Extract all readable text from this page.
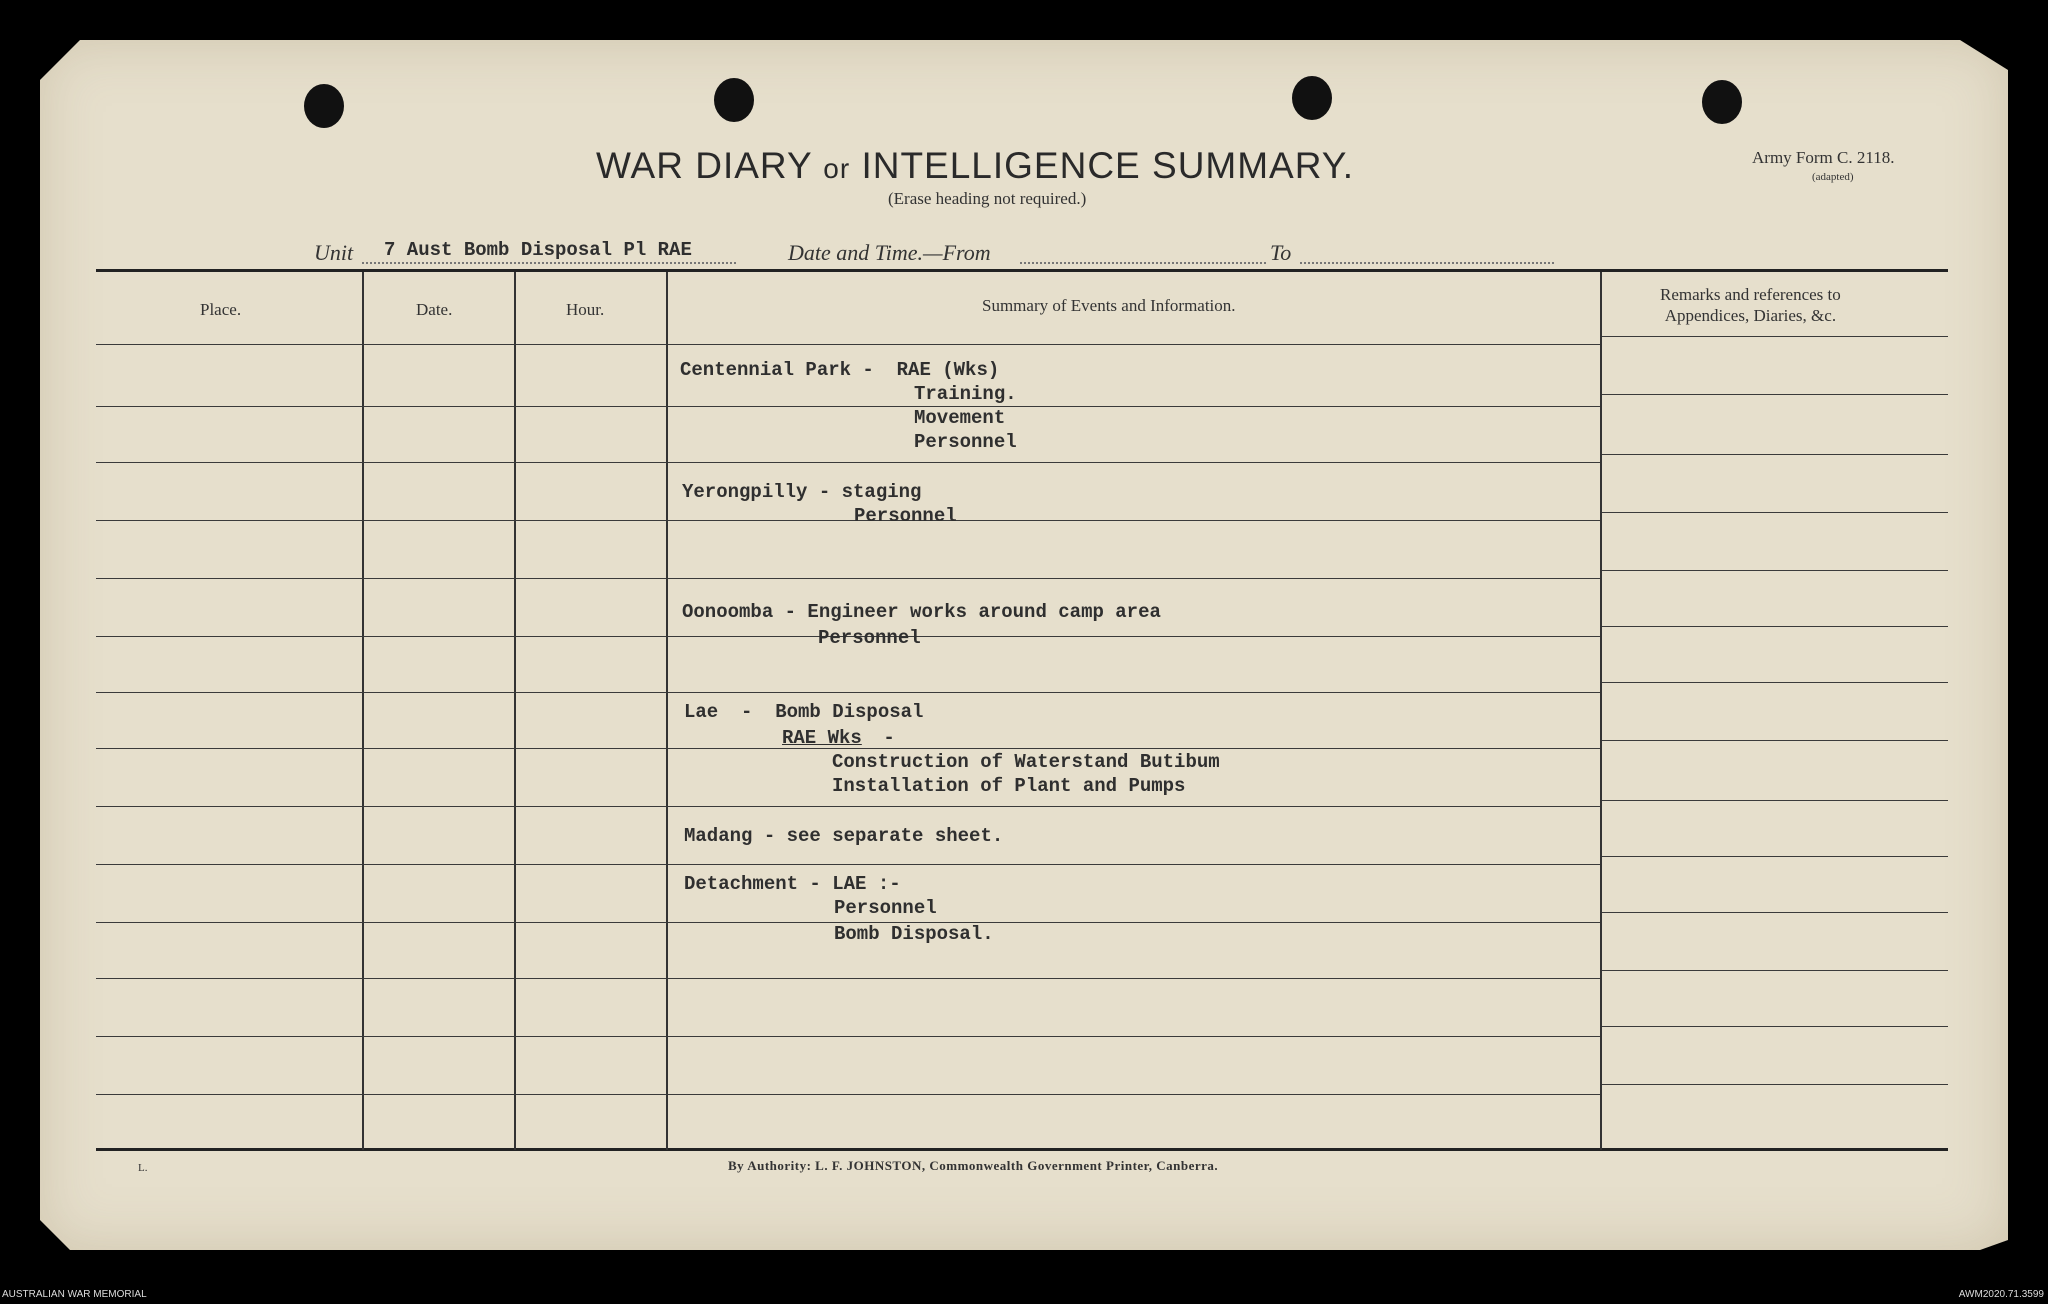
WAR DIARY or INTELLIGENCE SUMMARY.
(Erase heading not required.)
Army Form C. 2118.
(adapted)
Unit 7 Aust Bomb Disposal Pl RAE	Date and Time.—From	To
Place.	Date.	Hour.	Summary of Events and Information.
Remarks and references to
Appendices, Diaries, &c.
Centennial Park -  RAE (Wks)
Training.
Movement
Personnel
Yerongpilly - staging
Personnel
Oonoomba - Engineer works around camp area
Personnel
Lae  -  Bomb Disposal
RAE Wks -
Construction of Waterstand Butibum
Installation of Plant and Pumps
Madang - see separate sheet.
Detachment - LAE :-
Personnel
Bomb Disposal.
L.	By Authority: L. F. JOHNSTON, Commonwealth Government Printer, Canberra.
AUSTRALIAN WAR MEMORIAL	AWM2020.71.3599
